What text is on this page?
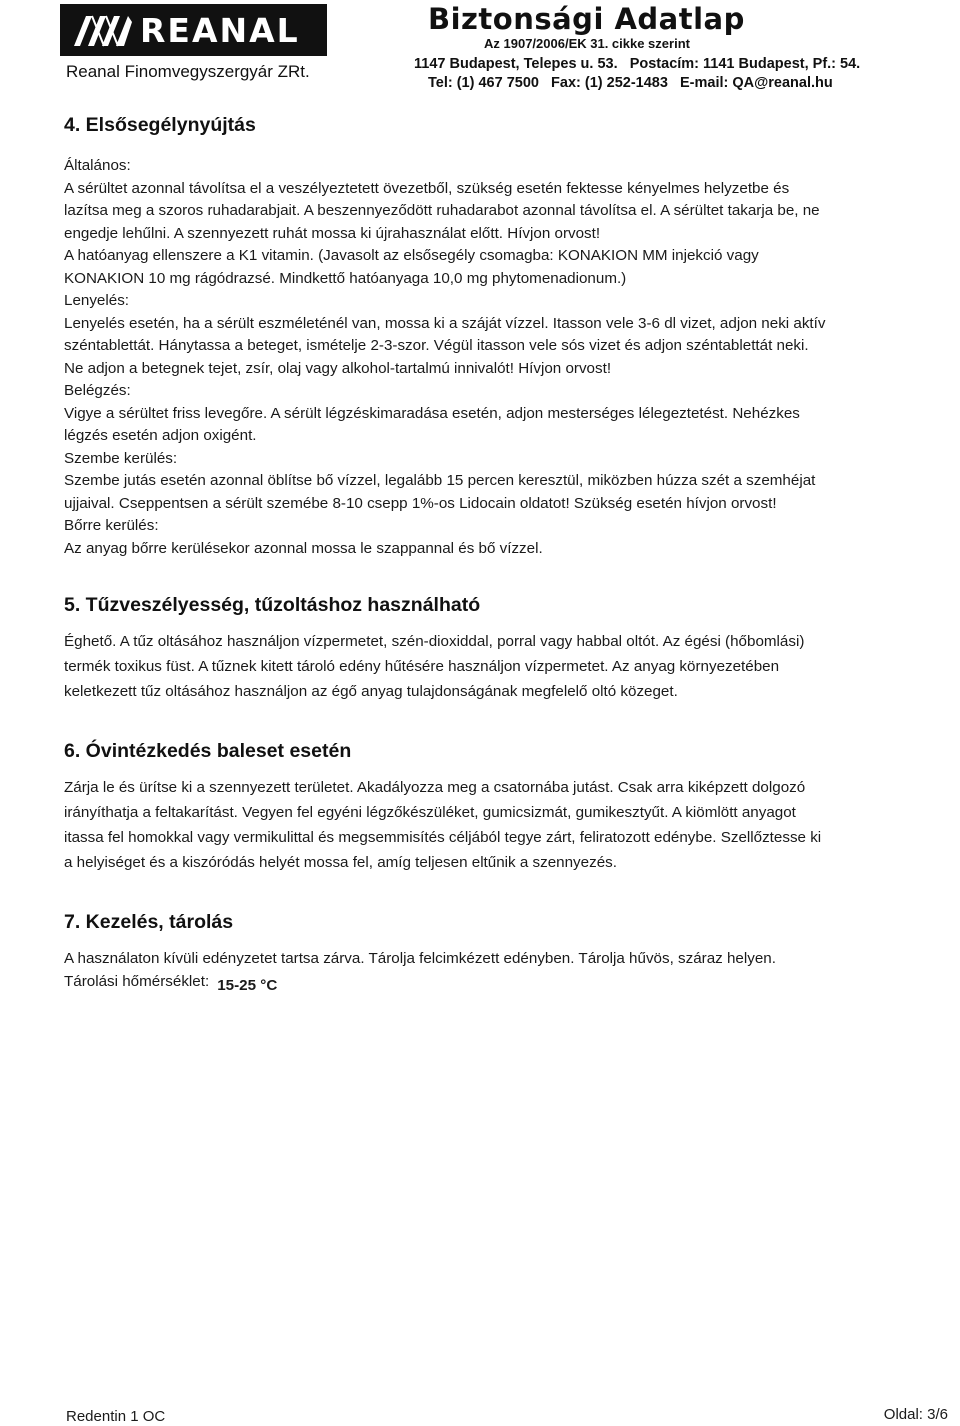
REANAL
Reanal Finomvegyszergyár ZRt.
Biztonsági Adatlap
Az 1907/2006/EK 31. cikke szerint
1147 Budapest, Telepes u. 53.   Postacím: 1141 Budapest, Pf.: 54.
Tel: (1) 467 7500   Fax: (1) 252-1483   E-mail: QA@reanal.hu
4. Elsősegélynyújtás

Általános:

A sérültet azonnal távolítsa el a veszélyeztetett övezetből, szükség esetén fektesse kényelmes helyzetbe és

lazítsa meg a szoros ruhadarabjait. A beszennyeződött ruhadarabot azonnal távolítsa el. A sérültet takarja be, ne

engedje lehűlni. A szennyezett ruhát mossa ki újrahasználat előtt. Hívjon orvost!

A hatóanyag ellenszere a K1 vitamin. (Javasolt az elsősegély csomagba: KONAKION MM injekció vagy

KONAKION 10 mg rágódrazsé. Mindkettő hatóanyaga 10,0 mg phytomenadionum.)

Lenyelés:

Lenyelés esetén, ha a sérült eszméleténél van, mossa ki a száját vízzel. Itasson vele 3-6 dl vizet, adjon neki aktív

széntablettát. Hánytassa a beteget, ismételje 2-3-szor. Végül itasson vele sós vizet és adjon széntablettát neki.

Ne adjon a betegnek tejet, zsír, olaj vagy alkohol-tartalmú innivalót! Hívjon orvost!

Belégzés:

Vigye a sérültet friss levegőre. A sérült légzéskimaradása esetén, adjon mesterséges lélegeztetést. Nehézkes

légzés esetén adjon oxigént.

Szembe kerülés:

Szembe jutás esetén azonnal öblítse bő vízzel, legalább 15 percen keresztül, miközben húzza szét a szemhéjat

ujjaival. Cseppentsen a sérült szemébe 8-10 csepp 1%-os Lidocain oldatot! Szükség esetén hívjon orvost!

Bőrre kerülés:

Az anyag bőrre kerülésekor azonnal mossa le szappannal és bő vízzel.

5. Tűzveszélyesség, tűzoltáshoz használható

Éghető. A tűz oltásához használjon vízpermetet, szén-dioxiddal, porral vagy habbal oltót. Az égési (hőbomlási)

termék toxikus füst. A tűznek kitett tároló edény hűtésére használjon vízpermetet. Az anyag környezetében

keletkezett tűz oltásához használjon az égő anyag tulajdonságának megfelelő oltó közeget.

6. Óvintézkedés baleset esetén

Zárja le és ürítse ki a szennyezett területet. Akadályozza meg a csatornába jutást. Csak arra kiképzett dolgozó

irányíthatja a feltakarítást. Vegyen fel egyéni légzőkészüléket, gumicsizmát, gumikesztyűt. A kiömlött anyagot

itassa fel homokkal vagy vermikulittal és megsemmisítés céljából tegye zárt, feliratozott edénybe. Szellőztesse ki

a helyiséget és a kiszóródás helyét mossa fel, amíg teljesen eltűnik a szennyezés.

7. Kezelés, tárolás

A használaton kívüli edényzetet tartsa zárva. Tárolja felcimkézett edényben. Tárolja hűvös, száraz helyen.

Tárolási hőmérséklet: 15-25 °C
Redentin 1 OC	Oldal: 3/6
